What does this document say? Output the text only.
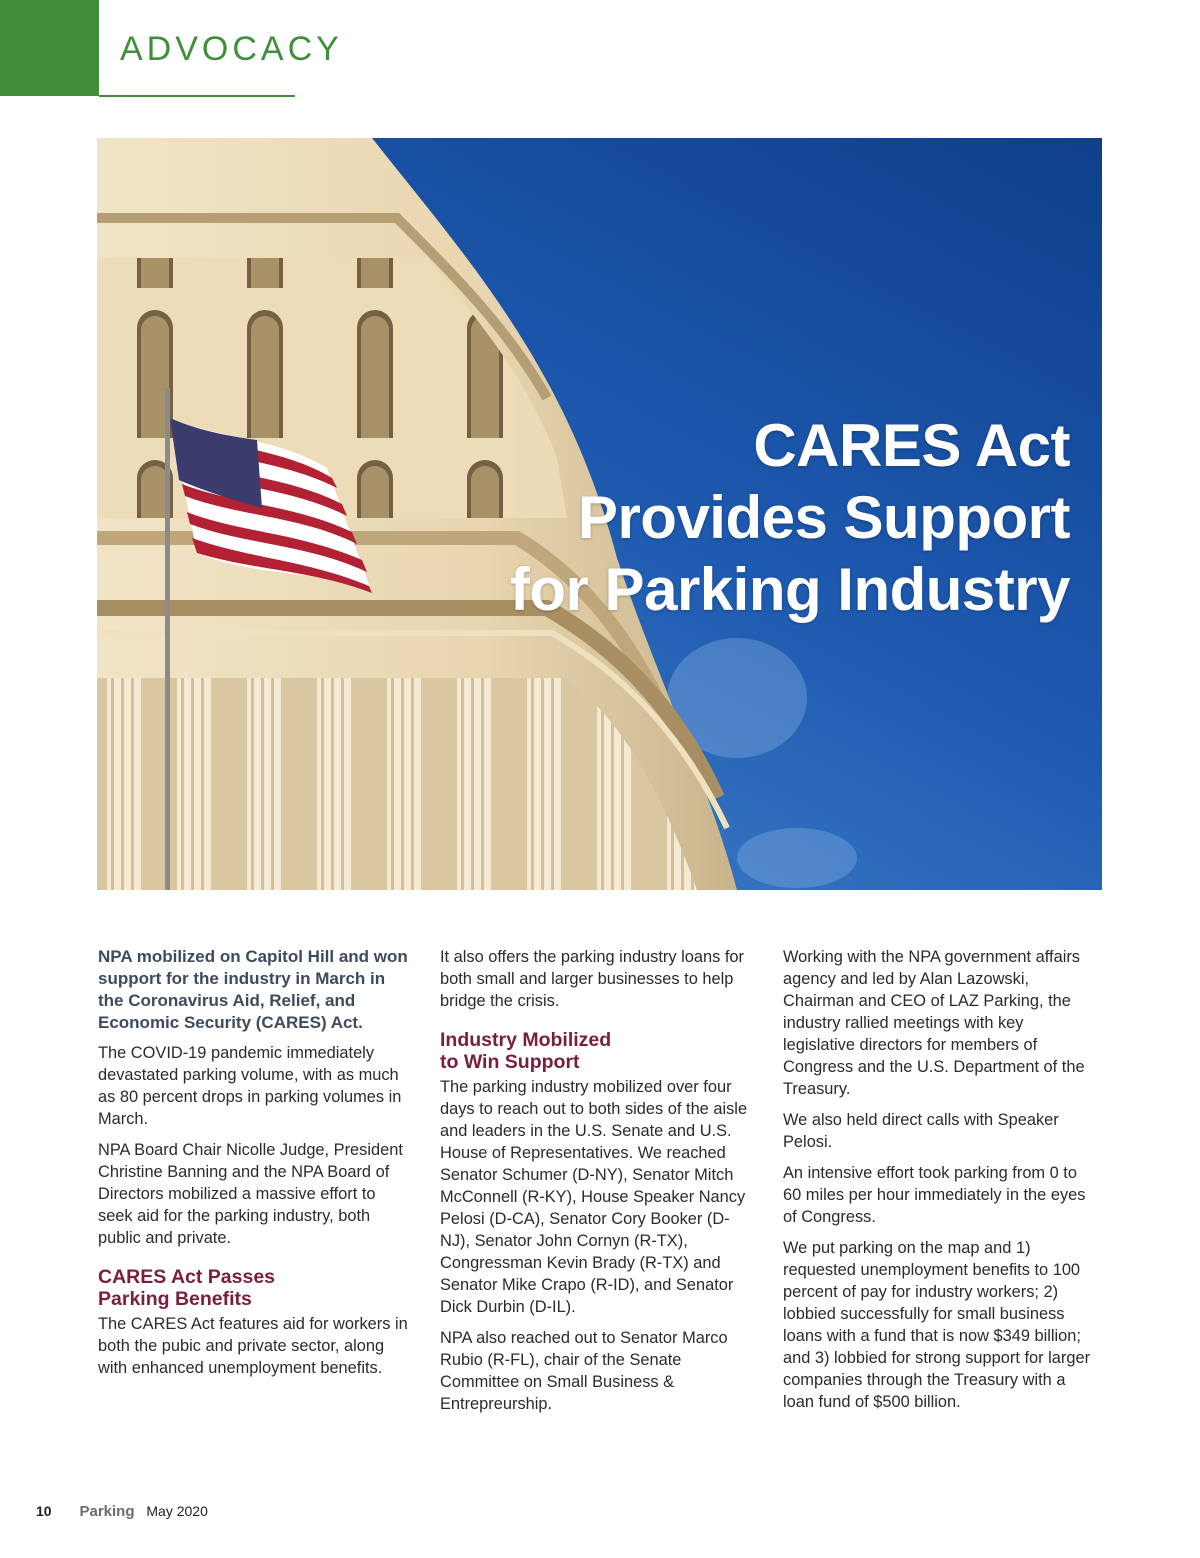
ADVOCACY
CARES Act
Provides Support
for Parking Industry

NPA mobilized on Capitol Hill and won support for the industry in March in the Coronavirus Aid, Relief, and Economic Security (CARES) Act.

The COVID-19 pandemic immediately devastated parking volume, with as much as 80 percent drops in parking volumes in March.

NPA Board Chair Nicolle Judge, President Christine Banning and the NPA Board of Directors mobilized a massive effort to seek aid for the parking industry, both public and private.

CARES Act Passes
Parking Benefits

The CARES Act features aid for workers in both the pubic and private sector, along with enhanced unemployment benefits.

It also offers the parking industry loans for both small and larger businesses to help bridge the crisis.

Industry Mobilized
to Win Support

The parking industry mobilized over four days to reach out to both sides of the aisle and leaders in the U.S. Senate and U.S. House of Representatives. We reached Senator Schumer (D-NY), Senator Mitch McConnell (R-KY), House Speaker Nancy Pelosi (D-CA), Senator Cory Booker (D-NJ), Senator John Cornyn (R-TX), Congressman Kevin Brady (R-TX) and Senator Mike Crapo (R-ID), and Senator Dick Durbin (D-IL).

NPA also reached out to Senator Marco Rubio (R-FL), chair of the Senate Committee on Small Business & Entrepreurship.

Working with the NPA government affairs agency and led by Alan Lazowski, Chairman and CEO of LAZ Parking, the industry rallied meetings with key legislative directors for members of Congress and the U.S. Department of the Treasury.

We also held direct calls with Speaker Pelosi.

An intensive effort took parking from 0 to 60 miles per hour immediately in the eyes of Congress.

We put parking on the map and 1) requested unemployment benefits to 100 percent of pay for industry workers; 2) lobbied successfully for small business loans with a fund that is now $349 billion; and 3) lobbied for strong support for larger companies through the Treasury with a loan fund of $500 billion.

10 Parking May 2020
